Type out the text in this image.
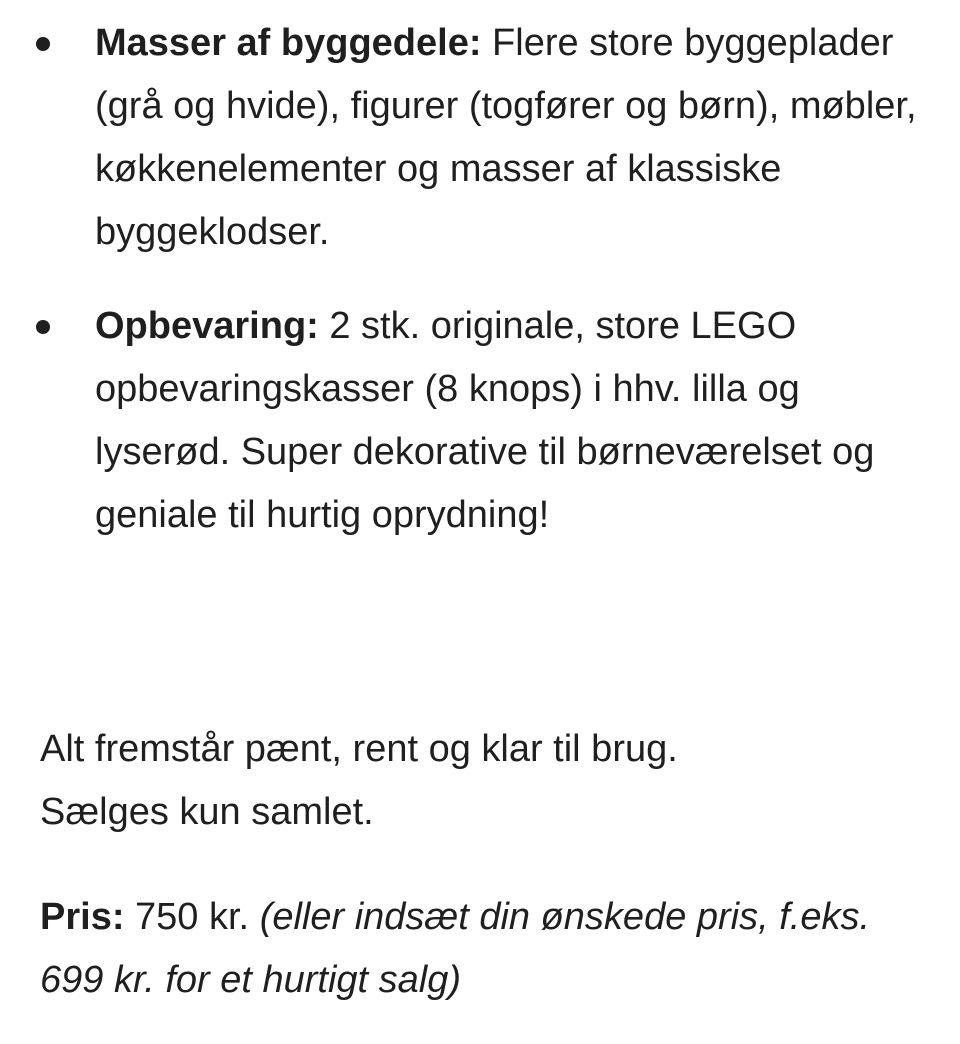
Masser af byggedele: Flere store byggeplader (grå og hvide), figurer (togfører og børn), møbler, køkkenelementer og masser af klassiske byggeklodser.
Opbevaring: 2 stk. originale, store LEGO opbevaringskasser (8 knops) i hhv. lilla og lyserød. Super dekorative til børneværelset og geniale til hurtig oprydning!

Alt fremstår pænt, rent og klar til brug.
Sælges kun samlet.

Pris: 750 kr. (eller indsæt din ønskede pris, f.eks. 699 kr. for et hurtigt salg)
